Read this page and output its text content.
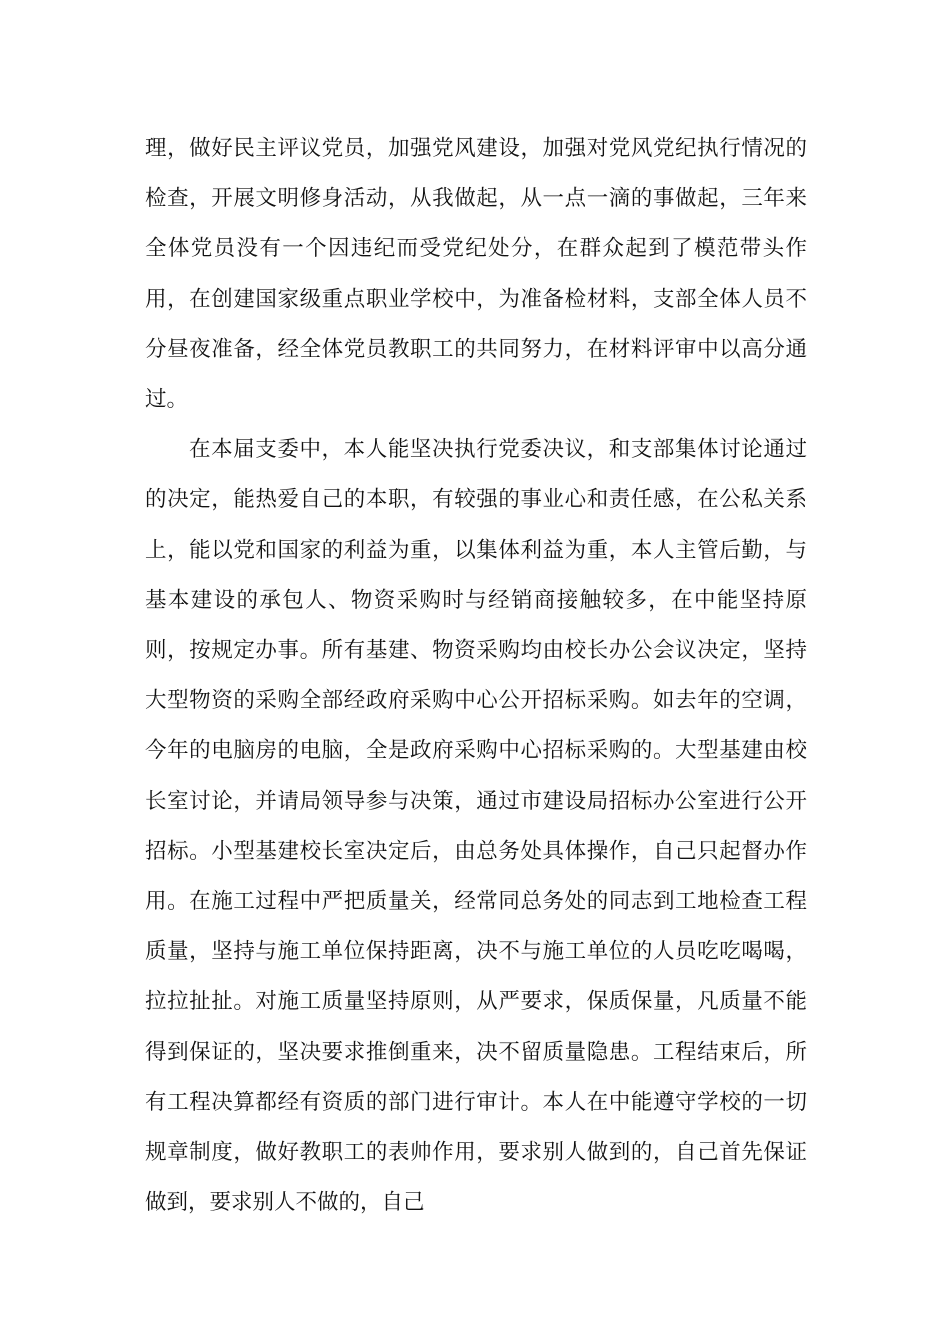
理，做好民主评议党员，加强党风建设，加强对党风党纪执行情况的检查，开展文明修身活动，从我做起，从一点一滴的事做起，三年来全体党员没有一个因违纪而受党纪处分，在群众起到了模范带头作用，在创建国家级重点职业学校中，为准备检材料，支部全体人员不分昼夜准备，经全体党员教职工的共同努力，在材料评审中以高分通过。

在本届支委中，本人能坚决执行党委决议，和支部集体讨论通过的决定，能热爱自己的本职，有较强的事业心和责任感，在公私关系上，能以党和国家的利益为重，以集体利益为重，本人主管后勤，与基本建设的承包人、物资采购时与经销商接触较多，在中能坚持原则，按规定办事。所有基建、物资采购均由校长办公会议决定，坚持大型物资的采购全部经政府采购中心公开招标采购。如去年的空调，今年的电脑房的电脑，全是政府采购中心招标采购的。大型基建由校长室讨论，并请局领导参与决策，通过市建设局招标办公室进行公开招标。小型基建校长室决定后，由总务处具体操作，自己只起督办作用。在施工过程中严把质量关，经常同总务处的同志到工地检查工程质量，坚持与施工单位保持距离，决不与施工单位的人员吃吃喝喝，拉拉扯扯。对施工质量坚持原则，从严要求，保质保量，凡质量不能得到保证的，坚决要求推倒重来，决不留质量隐患。工程结束后，所有工程决算都经有资质的部门进行审计。本人在中能遵守学校的一切规章制度，做好教职工的表帅作用，要求别人做到的，自己首先保证做到，要求别人不做的，自己
